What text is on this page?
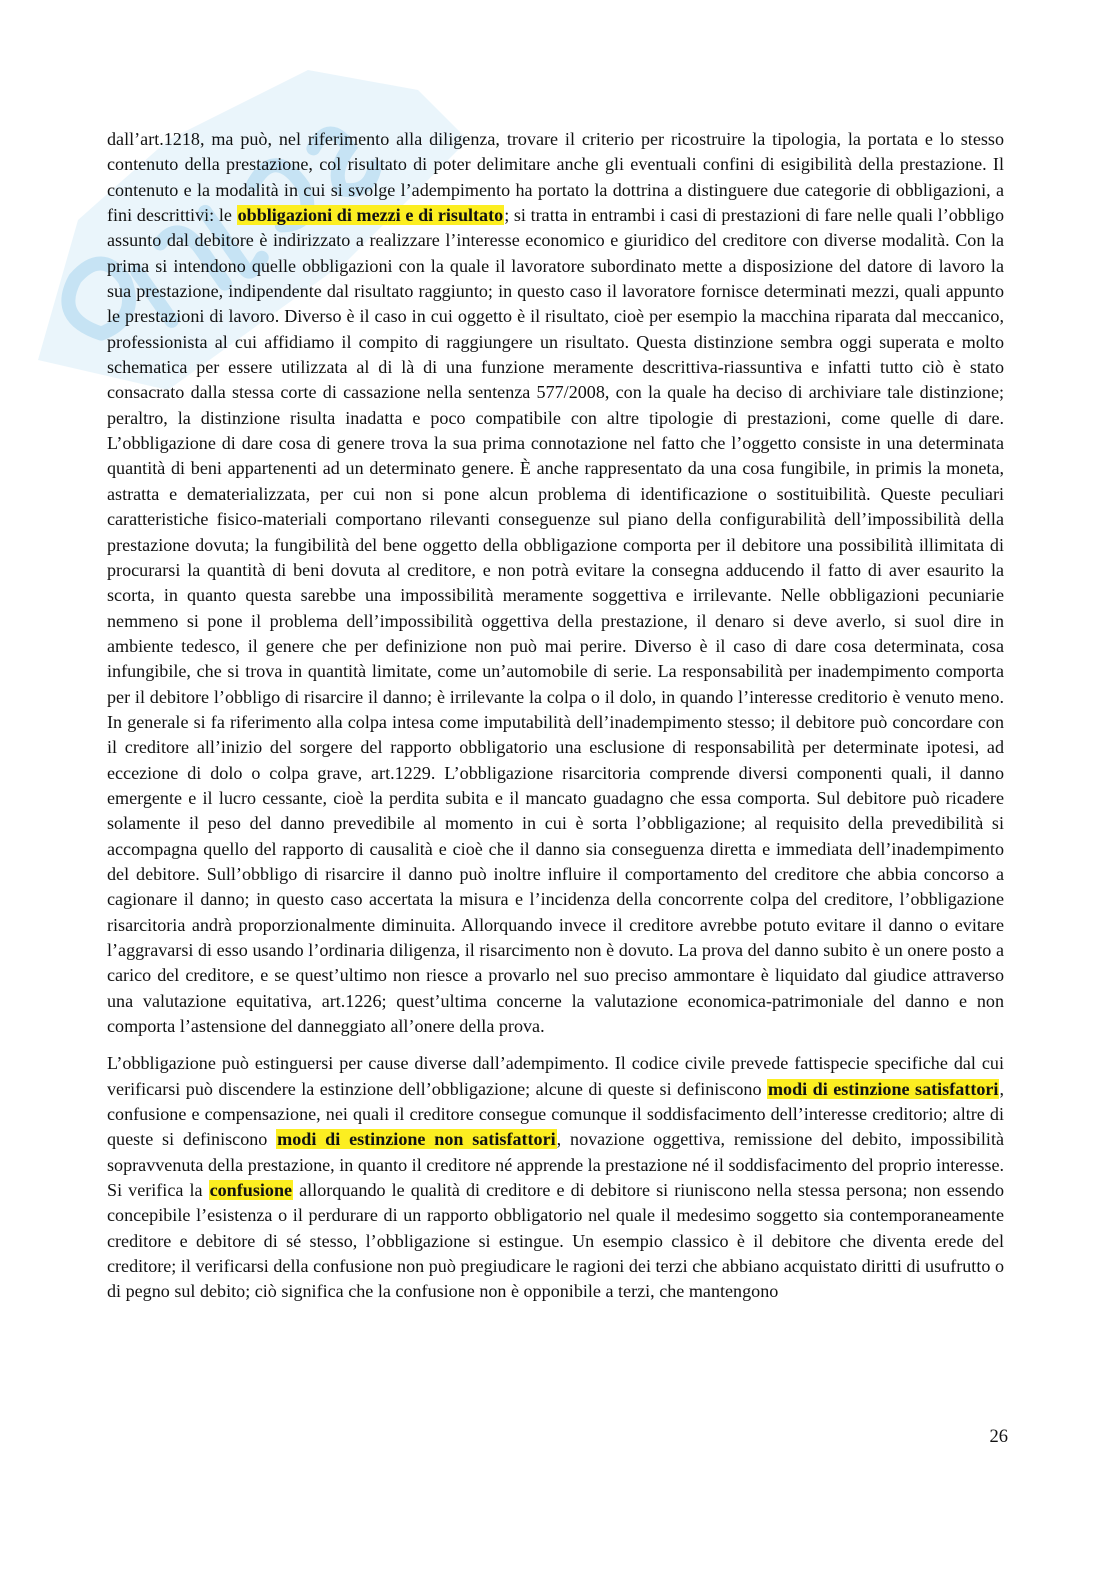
dall’art.1218, ma può, nel riferimento alla diligenza, trovare il criterio per ricostruire la tipologia, la portata e lo stesso contenuto della prestazione, col risultato di poter delimitare anche gli eventuali confini di esigibilità della prestazione. Il contenuto e la modalità in cui si svolge l’adempimento ha portato la dottrina a distinguere due categorie di obbligazioni, a fini descrittivi: le obbligazioni di mezzi e di risultato; si tratta in entrambi i casi di prestazioni di fare nelle quali l’obbligo assunto dal debitore è indirizzato a realizzare l’interesse economico e giuridico del creditore con diverse modalità. Con la prima si intendono quelle obbligazioni con la quale il lavoratore subordinato mette a disposizione del datore di lavoro la sua prestazione, indipendente dal risultato raggiunto; in questo caso il lavoratore fornisce determinati mezzi, quali appunto le prestazioni di lavoro. Diverso è il caso in cui oggetto è il risultato, cioè per esempio la macchina riparata dal meccanico, professionista al cui affidiamo il compito di raggiungere un risultato. Questa distinzione sembra oggi superata e molto schematica per essere utilizzata al di là di una funzione meramente descrittiva-riassuntiva e infatti tutto ciò è stato consacrato dalla stessa corte di cassazione nella sentenza 577/2008, con la quale ha deciso di archiviare tale distinzione; peraltro, la distinzione risulta inadatta e poco compatibile con altre tipologie di prestazioni, come quelle di dare. L’obbligazione di dare cosa di genere trova la sua prima connotazione nel fatto che l’oggetto consiste in una determinata quantità di beni appartenenti ad un determinato genere. È anche rappresentato da una cosa fungibile, in primis la moneta, astratta e dematerializzata, per cui non si pone alcun problema di identificazione o sostituibilità. Queste peculiari caratteristiche fisico-materiali comportano rilevanti conseguenze sul piano della configurabilità dell’impossibilità della prestazione dovuta; la fungibilità del bene oggetto della obbligazione comporta per il debitore una possibilità illimitata di procurarsi la quantità di beni dovuta al creditore, e non potrà evitare la consegna adducendo il fatto di aver esaurito la scorta, in quanto questa sarebbe una impossibilità meramente soggettiva e irrilevante. Nelle obbligazioni pecuniarie nemmeno si pone il problema dell’impossibilità oggettiva della prestazione, il denaro si deve averlo, si suol dire in ambiente tedesco, il genere che per definizione non può mai perire. Diverso è il caso di dare cosa determinata, cosa infungibile, che si trova in quantità limitate, come un’automobile di serie. La responsabilità per inadempimento comporta per il debitore l’obbligo di risarcire il danno; è irrilevante la colpa o il dolo, in quando l’interesse creditorio è venuto meno. In generale si fa riferimento alla colpa intesa come imputabilità dell’inadempimento stesso; il debitore può concordare con il creditore all’inizio del sorgere del rapporto obbligatorio una esclusione di responsabilità per determinate ipotesi, ad eccezione di dolo o colpa grave, art.1229. L’obbligazione risarcitoria comprende diversi componenti quali, il danno emergente e il lucro cessante, cioè la perdita subita e il mancato guadagno che essa comporta. Sul debitore può ricadere solamente il peso del danno prevedibile al momento in cui è sorta l’obbligazione; al requisito della prevedibilità si accompagna quello del rapporto di causalità e cioè che il danno sia conseguenza diretta e immediata dell’inadempimento del debitore. Sull’obbligo di risarcire il danno può inoltre influire il comportamento del creditore che abbia concorso a cagionare il danno; in questo caso accertata la misura e l’incidenza della concorrente colpa del creditore, l’obbligazione risarcitoria andrà proporzionalmente diminuita. Allorquando invece il creditore avrebbe potuto evitare il danno o evitare l’aggravarsi di esso usando l’ordinaria diligenza, il risarcimento non è dovuto. La prova del danno subito è un onere posto a carico del creditore, e se quest’ultimo non riesce a provarlo nel suo preciso ammontare è liquidato dal giudice attraverso una valutazione equitativa, art.1226; quest’ultima concerne la valutazione economica-patrimoniale del danno e non comporta l’astensione del danneggiato all’onere della prova.

L’obbligazione può estinguersi per cause diverse dall’adempimento. Il codice civile prevede fattispecie specifiche dal cui verificarsi può discendere la estinzione dell’obbligazione; alcune di queste si definiscono modi di estinzione satisfattori, confusione e compensazione, nei quali il creditore consegue comunque il soddisfacimento dell’interesse creditorio; altre di queste si definiscono modi di estinzione non satisfattori, novazione oggettiva, remissione del debito, impossibilità sopravvenuta della prestazione, in quanto il creditore né apprende la prestazione né il soddisfacimento del proprio interesse. Si verifica la confusione allorquando le qualità di creditore e di debitore si riuniscono nella stessa persona; non essendo concepibile l’esistenza o il perdurare di un rapporto obbligatorio nel quale il medesimo soggetto sia contemporaneamente creditore e debitore di sé stesso, l’obbligazione si estingue. Un esempio classico è il debitore che diventa erede del creditore; il verificarsi della confusione non può pregiudicare le ragioni dei terzi che abbiano acquistato diritti di usufrutto o di pegno sul debito; ciò significa che la confusione non è opponibile a terzi, che mantengono

26
